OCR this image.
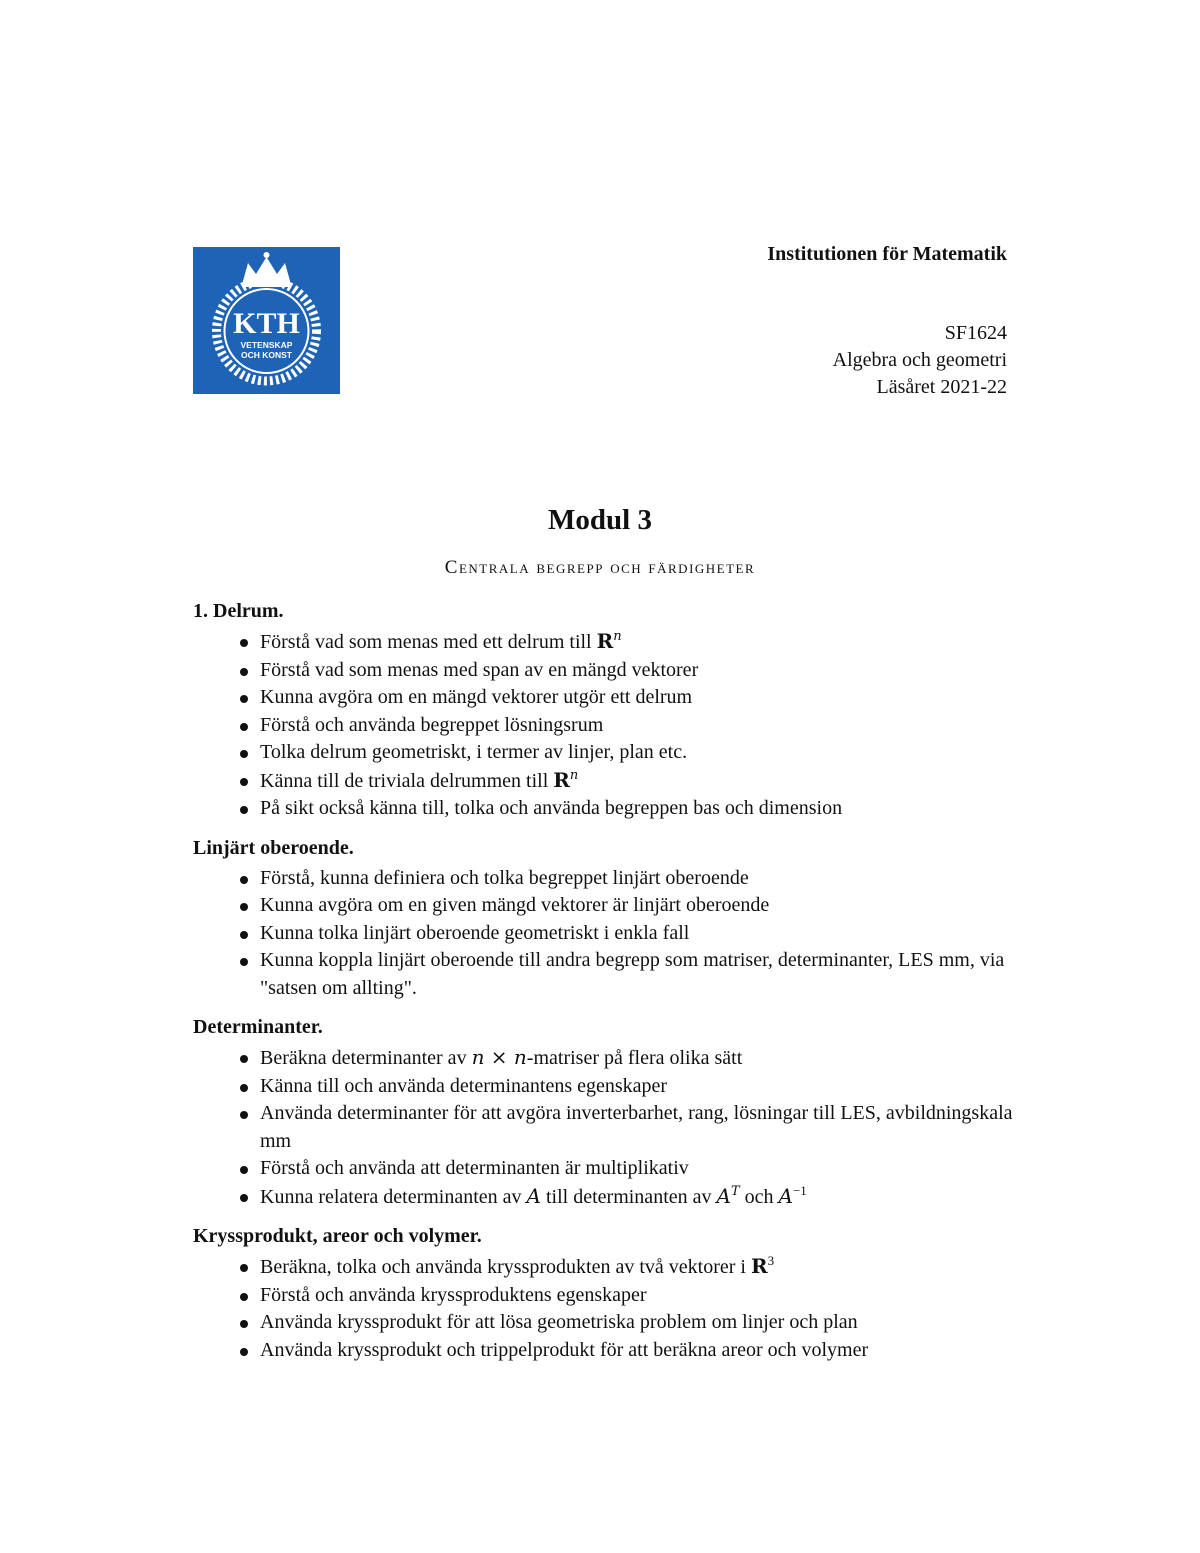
KTH
VETENSKAP
OCH KONST
Institutionen för Matematik
SF1624
Algebra och geometri
Läsåret 2021-22
Modul 3
Centrala begrepp och färdigheter
1. Delrum.
Förstå vad som menas med ett delrum till $R^n$
Förstå vad som menas med span av en mängd vektorer
Kunna avgöra om en mängd vektorer utgör ett delrum
Förstå och använda begreppet lösningsrum
Tolka delrum geometriskt, i termer av linjer, plan etc.
Känna till de triviala delrummen till $R^n$
På sikt också känna till, tolka och använda begreppen bas och dimension
Linjärt oberoende.
Förstå, kunna definiera och tolka begreppet linjärt oberoende
Kunna avgöra om en given mängd vektorer är linjärt oberoende
Kunna tolka linjärt oberoende geometriskt i enkla fall
Kunna koppla linjärt oberoende till andra begrepp som matriser, determinanter, LES mm, via "satsen om allting".
Determinanter.
Beräkna determinanter av n × n-matriser på flera olika sätt
Känna till och använda determinantens egenskaper
Använda determinanter för att avgöra inverterbarhet, rang, lösningar till LES, avbildningskala mm
Förstå och använda att determinanten är multiplikativ
Kunna relatera determinanten av A till determinanten av $A^T$ och $A^{-1}$
Kryssprodukt, areor och volymer.
Beräkna, tolka och använda kryssprodukten av två vektorer i $R^3$
Förstå och använda kryssproduktens egenskaper
Använda kryssprodukt för att lösa geometriska problem om linjer och plan
Använda kryssprodukt och trippelprodukt för att beräkna areor och volymer
